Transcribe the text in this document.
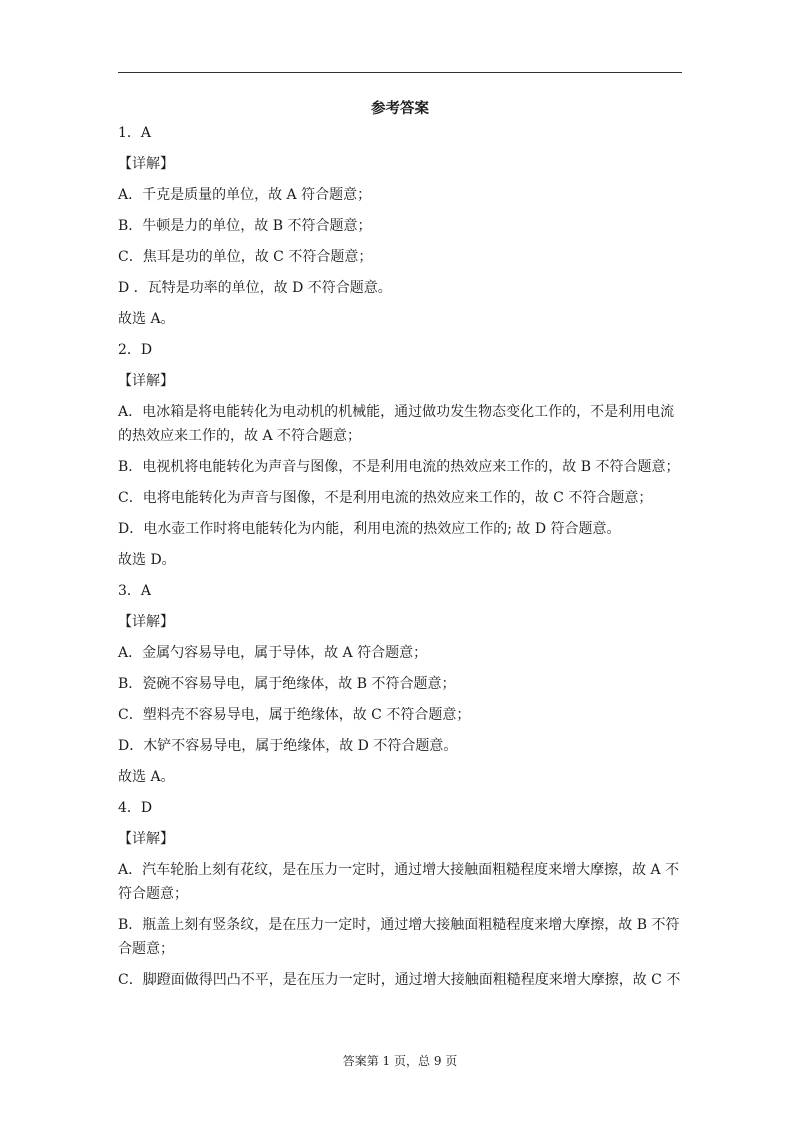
参考答案
1．A
【详解】
A．千克是质量的单位，故 A 符合题意；
B．牛顿是力的单位，故 B 不符合题意；
C．焦耳是功的单位，故 C 不符合题意；
D ．瓦特是功率的单位，故 D 不符合题意。
故选 A。
2．D
【详解】
A．电冰箱是将电能转化为电动机的机械能，通过做功发生物态变化工作的，不是利用电流
的热效应来工作的，故 A 不符合题意；
B．电视机将电能转化为声音与图像，不是利用电流的热效应来工作的，故 B 不符合题意；
C．电将电能转化为声音与图像，不是利用电流的热效应来工作的，故 C 不符合题意；
D．电水壶工作时将电能转化为内能，利用电流的热效应工作的; 故 D 符合题意。
故选 D。
3．A
【详解】
A．金属勺容易导电，属于导体，故 A 符合题意；
B．瓷碗不容易导电，属于绝缘体，故 B 不符合题意；
C．塑料壳不容易导电，属于绝缘体，故 C 不符合题意；
D．木铲不容易导电，属于绝缘体，故 D 不符合题意。
故选 A。
4．D
【详解】
A．汽车轮胎上刻有花纹，是在压力一定时，通过增大接触面粗糙程度来增大摩擦，故 A 不
符合题意；
B．瓶盖上刻有竖条纹，是在压力一定时，通过增大接触面粗糙程度来增大摩擦，故 B 不符
合题意；
C．脚蹬面做得凹凸不平，是在压力一定时，通过增大接触面粗糙程度来增大摩擦，故 C 不
答案第 1 页，总 9 页
